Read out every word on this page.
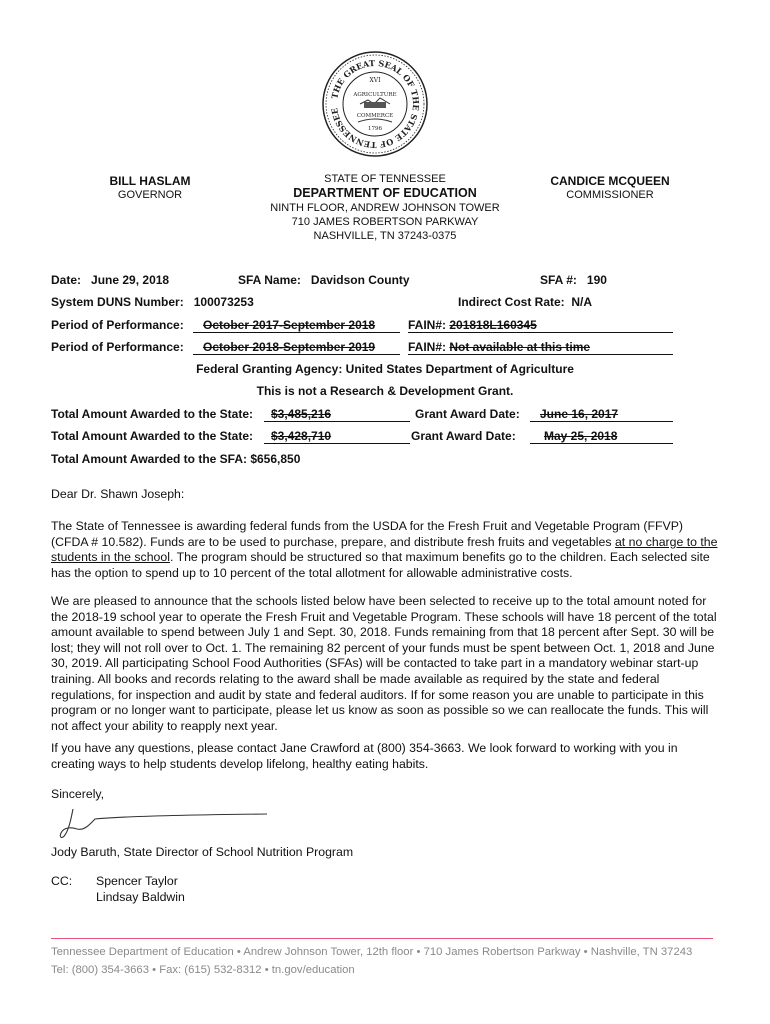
THE GREAT SEAL OF THE STATE OF TENNESSEE
XVI
AGRICULTURE
COMMERCE
1796
BILL HASLAM
GOVERNOR
STATE OF TENNESSEE
DEPARTMENT OF EDUCATION
NINTH FLOOR, ANDREW JOHNSON TOWER
710 JAMES ROBERTSON PARKWAY
NASHVILLE, TN 37243-0375
CANDICE MCQUEEN
COMMISSIONER
Date: June 29, 2018	SFA Name: Davidson County	SFA #: 190
System DUNS Number: 100073253	Indirect Cost Rate: N/A
Period of Performance:	October 2017-September 2018	FAIN#: 201818L160345
Period of Performance:	October 2018-September 2019	FAIN#: Not available at this time
Federal Granting Agency: United States Department of Agriculture
This is not a Research & Development Grant.
Total Amount Awarded to the State:	$3,485,216	Grant Award Date:	June 16, 2017
Total Amount Awarded to the State:	$3,428,710	Grant Award Date:	May 25, 2018
Total Amount Awarded to the SFA: $656,850
Dear Dr. Shawn Joseph:
The State of Tennessee is awarding federal funds from the USDA for the Fresh Fruit and Vegetable Program (FFVP) (CFDA # 10.582). Funds are to be used to purchase, prepare, and distribute fresh fruits and vegetables at no charge to the students in the school. The program should be structured so that maximum benefits go to the children. Each selected site has the option to spend up to 10 percent of the total allotment for allowable administrative costs.
We are pleased to announce that the schools listed below have been selected to receive up to the total amount noted for the 2018-19 school year to operate the Fresh Fruit and Vegetable Program. These schools will have 18 percent of the total amount available to spend between July 1 and Sept. 30, 2018. Funds remaining from that 18 percent after Sept. 30 will be lost; they will not roll over to Oct. 1. The remaining 82 percent of your funds must be spent between Oct. 1, 2018 and June 30, 2019. All participating School Food Authorities (SFAs) will be contacted to take part in a mandatory webinar start-up training. All books and records relating to the award shall be made available as required by the state and federal regulations, for inspection and audit by state and federal auditors. If for some reason you are unable to participate in this program or no longer want to participate, please let us know as soon as possible so we can reallocate the funds. This will not affect your ability to reapply next year.
If you have any questions, please contact Jane Crawford at (800) 354-3663. We look forward to working with you in creating ways to help students develop lifelong, healthy eating habits.
Sincerely,
Jody Baruth, State Director of School Nutrition Program
CC: Spencer Taylor
Lindsay Baldwin
Tennessee Department of Education • Andrew Johnson Tower, 12th floor • 710 James Robertson Parkway • Nashville, TN 37243
Tel: (800) 354-3663 • Fax: (615) 532-8312 • tn.gov/education
